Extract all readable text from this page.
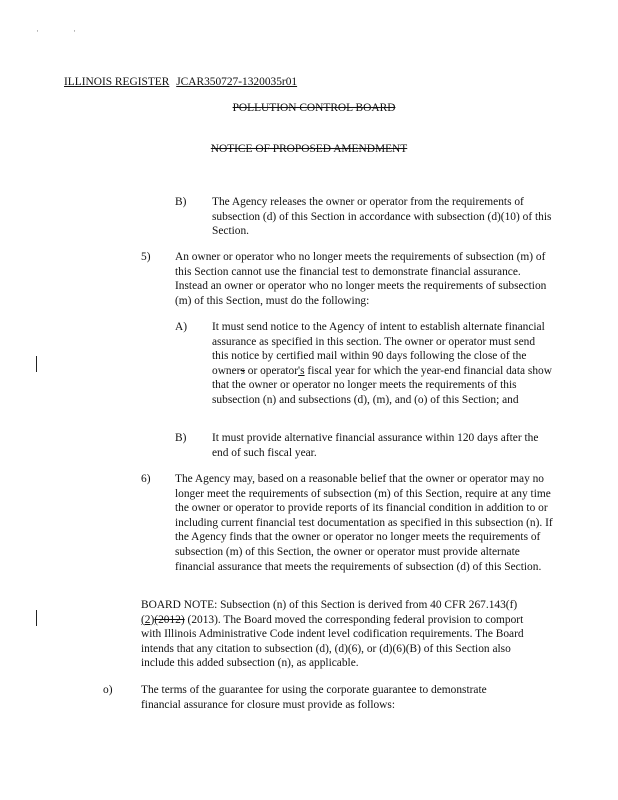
··
ILLINOIS REGISTER JCAR350727-1320035r01
POLLUTION CONTROL BOARD
NOTICE OF PROPOSED AMENDMENT
B) The Agency releases the owner or operator from the requirements of subsection (d) of this Section in accordance with subsection (d)(10) of this Section.
5) An owner or operator who no longer meets the requirements of subsection (m) of this Section cannot use the financial test to demonstrate financial assurance. Instead an owner or operator who no longer meets the requirements of subsection (m) of this Section, must do the following:
A) It must send notice to the Agency of intent to establish alternate financial assurance as specified in this section. The owner or operator must send this notice by certified mail within 90 days following the close of the owners or operator's fiscal year for which the year-end financial data show that the owner or operator no longer meets the requirements of this subsection (n) and subsections (d), (m), and (o) of this Section; and
B) It must provide alternative financial assurance within 120 days after the end of such fiscal year.
6) The Agency may, based on a reasonable belief that the owner or operator may no longer meet the requirements of subsection (m) of this Section, require at any time the owner or operator to provide reports of its financial condition in addition to or including current financial test documentation as specified in this subsection (n). If the Agency finds that the owner or operator no longer meets the requirements of subsection (m) of this Section, the owner or operator must provide alternate financial assurance that meets the requirements of subsection (d) of this Section.
BOARD NOTE: Subsection (n) of this Section is derived from 40 CFR 267.143(f)(2)(2012) (2013). The Board moved the corresponding federal provision to comport with Illinois Administrative Code indent level codification requirements. The Board intends that any citation to subsection (d), (d)(6), or (d)(6)(B) of this Section also include this added subsection (n), as applicable.
o)	The terms of the guarantee for using the corporate guarantee to demonstrate financial assurance for closure must provide as follows:
